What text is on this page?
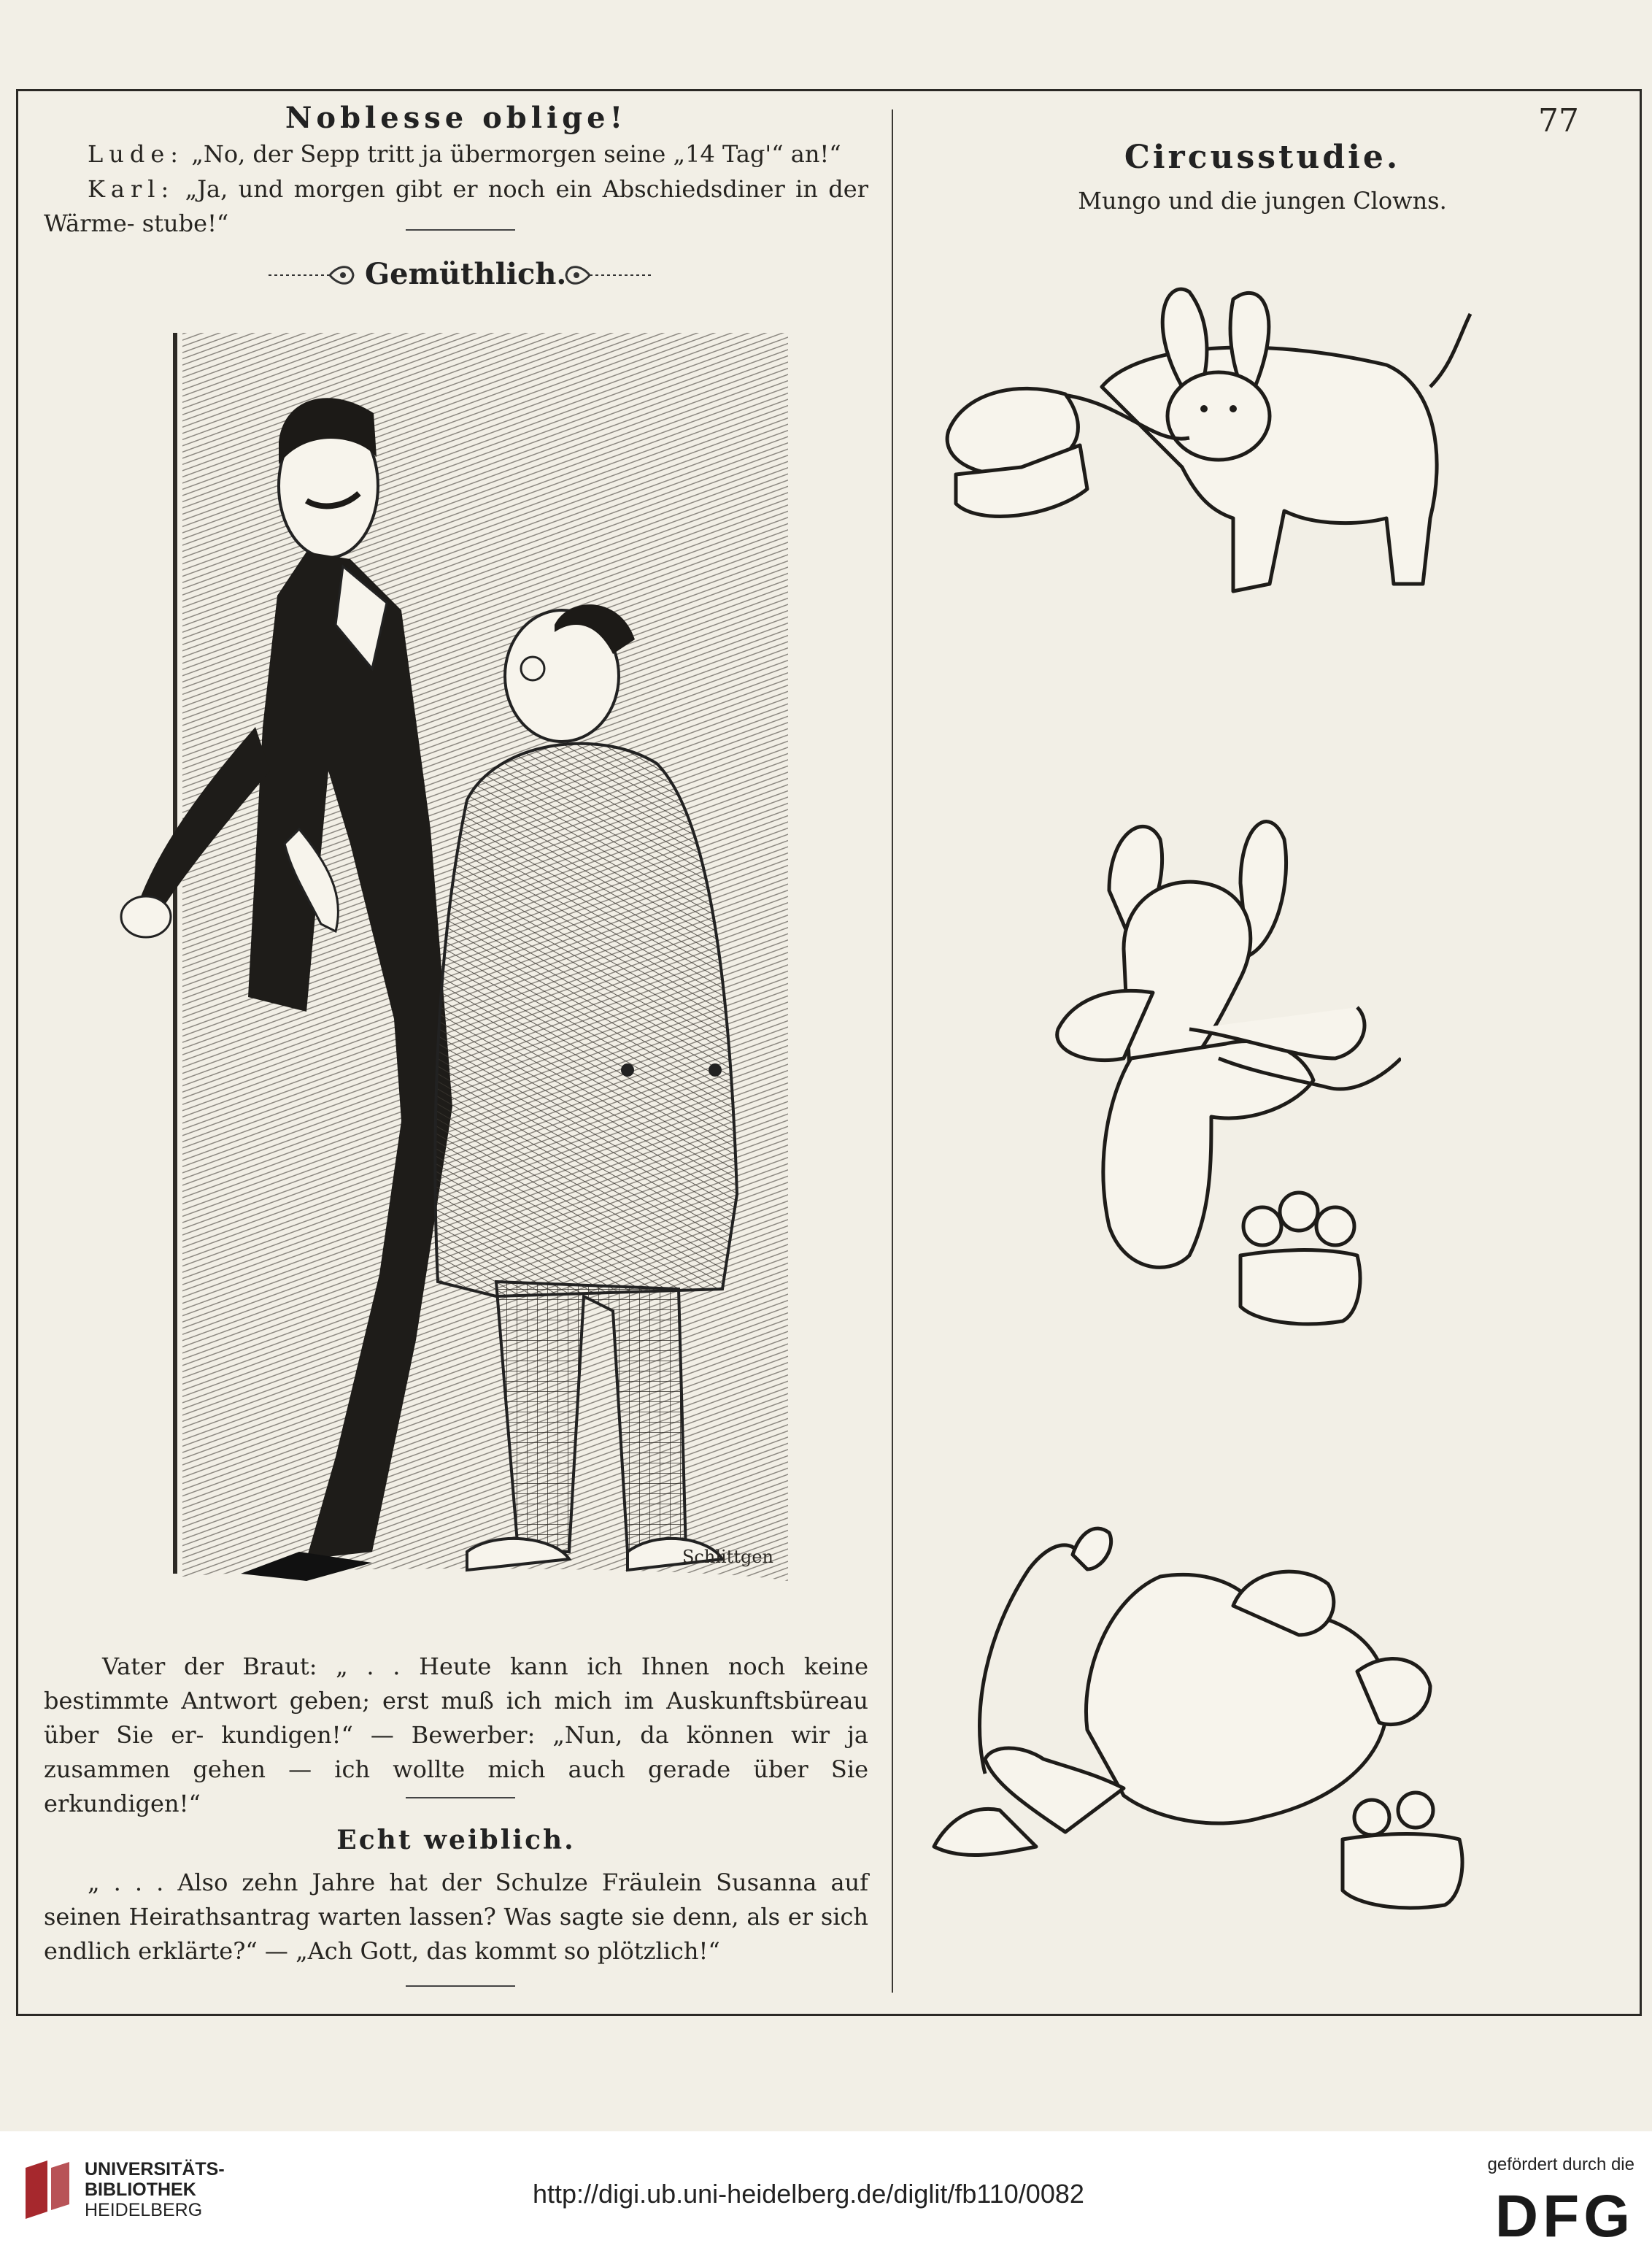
77
Noblesse oblige!
Lude: „No, der Sepp tritt ja übermorgen seine „14 Tag'“ an!“
Karl: „Ja, und morgen gibt er noch ein Abschiedsdiner in der Wärme- stube!“
Gemüthlich.
Schlittgen
Vater der Braut: „ . . Heute kann ich Ihnen noch keine bestimmte Antwort geben; erst muß ich mich im Auskunftsbüreau über Sie er- kundigen!“ — Bewerber: „Nun, da können wir ja zusammen gehen — ich wollte mich auch gerade über Sie erkundigen!“
Echt weiblich.
„ . . . Also zehn Jahre hat der Schulze Fräulein Susanna auf seinen Heirathsantrag warten lassen? Was sagte sie denn, als er sich endlich erklärte?“ — „Ach Gott, das kommt so plötzlich!“
Circusstudie.
Mungo und die jungen Clowns.
UNIVERSITÄTS-
BIBLIOTHEK
HEIDELBERG
http://digi.ub.uni-heidelberg.de/diglit/fb110/0082
gefördert durch die
DFG
